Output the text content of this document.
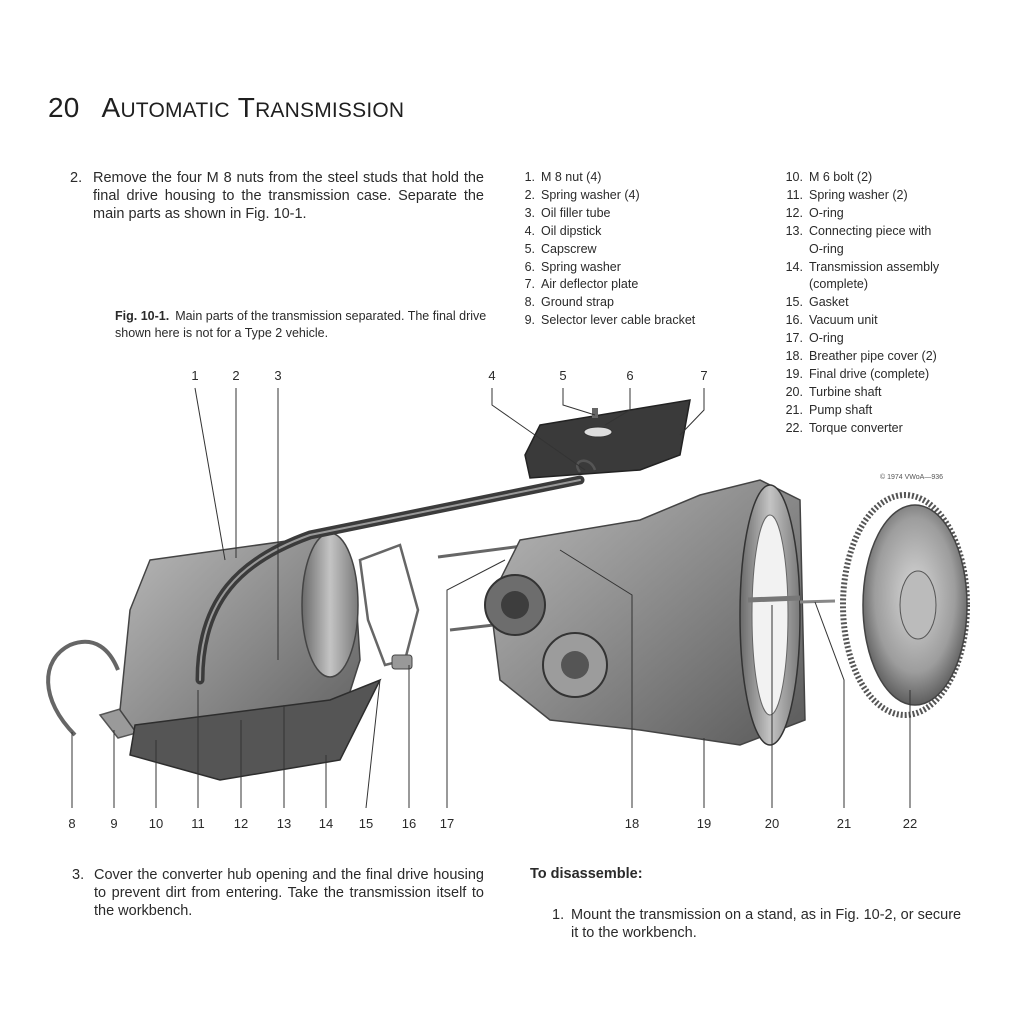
20 AUTOMATIC TRANSMISSION
2. Remove the four M 8 nuts from the steel studs that hold the final drive housing to the transmission case. Separate the main parts as shown in Fig. 10-1.
Fig. 10-1. Main parts of the transmission separated. The final drive shown here is not for a Type 2 vehicle.
1. M 8 nut (4)
2. Spring washer (4)
3. Oil filler tube
4. Oil dipstick
5. Capscrew
6. Spring washer
7. Air deflector plate
8. Ground strap
9. Selector lever cable bracket
10. M 6 bolt (2)
11. Spring washer (2)
12. O-ring
13. Connecting piece with
O-ring
14. Transmission assembly
(complete)
15. Gasket
16. Vacuum unit
17. O-ring
18. Breather pipe cover (2)
19. Final drive (complete)
20. Turbine shaft
21. Pump shaft
22. Torque converter
© 1974 VWoA—936
1	2	3	4	5	6	7
8	9 10 11 12 13 14 15 16 17	18	19	20	21	22
3. Cover the converter hub opening and the final drive housing to prevent dirt from entering. Take the transmission itself to the workbench.
To disassemble:
1. Mount the transmission on a stand, as in Fig. 10-2, or secure it to the workbench.
